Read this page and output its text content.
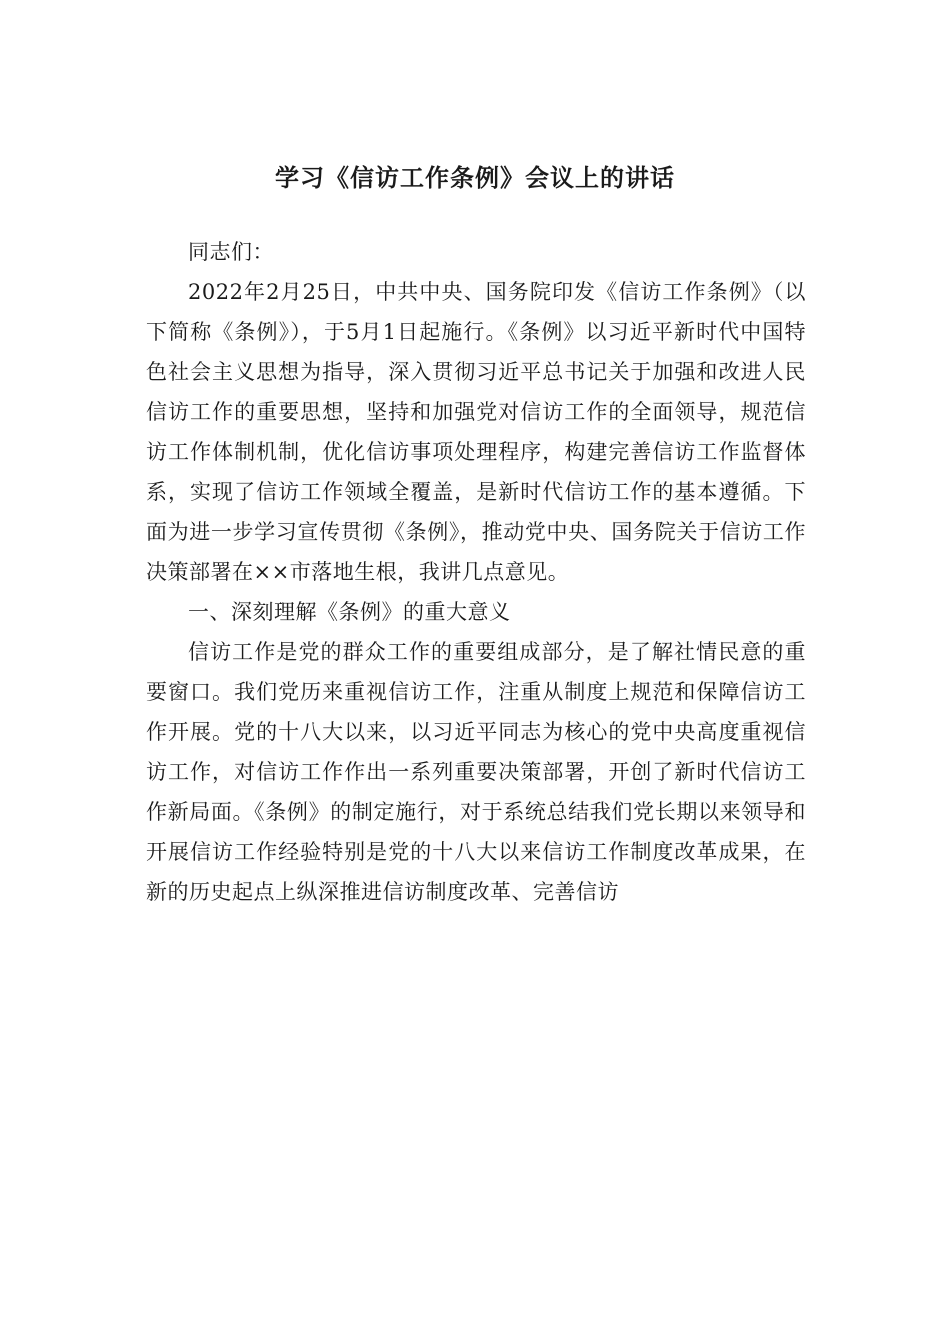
学习《信访工作条例》会议上的讲话

同志们：

2022年2月25日，中共中央、国务院印发《信访工作条例》（以下简称《条例》），于5月1日起施行。《条例》以习近平新时代中国特色社会主义思想为指导，深入贯彻习近平总书记关于加强和改进人民信访工作的重要思想，坚持和加强党对信访工作的全面领导，规范信访工作体制机制，优化信访事项处理程序，构建完善信访工作监督体系，实现了信访工作领域全覆盖，是新时代信访工作的基本遵循。下面为进一步学习宣传贯彻《条例》，推动党中央、国务院关于信访工作决策部署在××市落地生根，我讲几点意见。

一、深刻理解《条例》的重大意义

信访工作是党的群众工作的重要组成部分，是了解社情民意的重要窗口。我们党历来重视信访工作，注重从制度上规范和保障信访工作开展。党的十八大以来，以习近平同志为核心的党中央高度重视信访工作，对信访工作作出一系列重要决策部署，开创了新时代信访工作新局面。《条例》的制定施行，对于系统总结我们党长期以来领导和开展信访工作经验特别是党的十八大以来信访工作制度改革成果，在新的历史起点上纵深推进信访制度改革、完善信访
